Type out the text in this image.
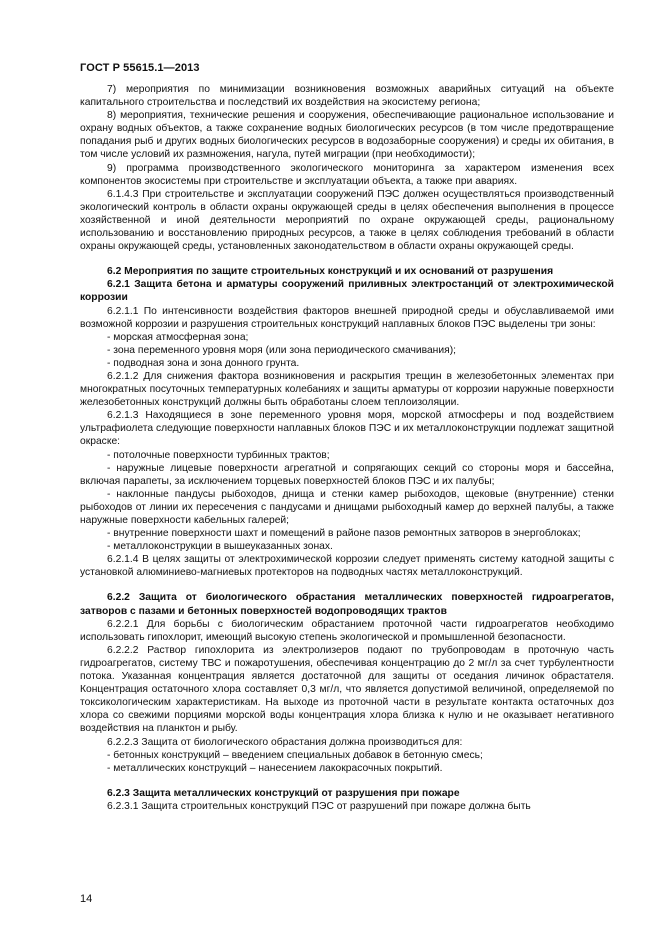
ГОСТ Р 55615.1—2013

7) мероприятия по минимизации возникновения возможных аварийных ситуаций на объекте капитального строительства и последствий их воздействия на экосистему региона;

8) мероприятия, технические решения и сооружения, обеспечивающие рациональное использование и охрану водных объектов, а также сохранение водных биологических ресурсов (в том числе предотвращение попадания рыб и других водных биологических ресурсов в водозаборные сооружения) и среды их обитания, в том числе условий их размножения, нагула, путей миграции (при необходимости);

9) программа производственного экологического мониторинга за характером изменения всех компонентов экосистемы при строительстве и эксплуатации объекта, а также при авариях.

6.1.4.3 При строительстве и эксплуатации сооружений ПЭС должен осуществляться производственный экологический контроль в области охраны окружающей среды в целях обеспечения выполнения в процессе хозяйственной и иной деятельности мероприятий по охране окружающей среды, рациональному использованию и восстановлению природных ресурсов, а также в целях соблюдения требований в области охраны окружающей среды, установленных законодательством в области охраны окружающей среды.

6.2 Мероприятия по защите строительных конструкций и их оснований от разрушения

6.2.1 Защита бетона и арматуры сооружений приливных электростанций от электрохимической коррозии

6.2.1.1 По интенсивности воздействия факторов внешней природной среды и обуславливаемой ими возможной коррозии и разрушения строительных конструкций наплавных блоков ПЭС выделены три зоны:

- морская атмосферная зона;

- зона переменного уровня моря (или зона периодического смачивания);

- подводная зона и зона донного грунта.

6.2.1.2 Для снижения фактора возникновения и раскрытия трещин в железобетонных элементах при многократных посуточных температурных колебаниях и защиты арматуры от коррозии наружные поверхности железобетонных конструкций должны быть обработаны слоем теплоизоляции.

6.2.1.3 Находящиеся в зоне переменного уровня моря, морской атмосферы и под воздействием ультрафиолета следующие поверхности наплавных блоков ПЭС и их металлоконструкции подлежат защитной окраске:

- потолочные поверхности турбинных трактов;

- наружные лицевые поверхности агрегатной и сопрягающих секций со стороны моря и бассейна, включая парапеты, за исключением торцевых поверхностей блоков ПЭС и их палубы;

- наклонные пандусы рыбоходов, днища и стенки камер рыбоходов, щековые (внутренние) стенки рыбоходов от линии их пересечения с пандусами и днищами рыбоходный камер до верхней палубы, а также наружные поверхности кабельных галерей;

- внутренние поверхности шахт и помещений в районе пазов ремонтных затворов в энергоблоках;

- металлоконструкции в вышеуказанных зонах.

6.2.1.4 В целях защиты от электрохимической коррозии следует применять систему катодной защиты с установкой алюминиево-магниевых протекторов на подводных частях металлоконструкций.

6.2.2 Защита от биологического обрастания металлических поверхностей гидроагрегатов, затворов с пазами и бетонных поверхностей водопроводящих трактов

6.2.2.1 Для борьбы с биологическим обрастанием проточной части гидроагрегатов необходимо использовать гипохлорит, имеющий высокую степень экологической и промышленной безопасности.

6.2.2.2 Раствор гипохлорита из электролизеров подают по трубопроводам в проточную часть гидроагрегатов, систему ТВС и пожаротушения, обеспечивая концентрацию до 2 мг/л за счет турбулентности потока. Указанная концентрация является достаточной для защиты от оседания личинок обрастателя. Концентрация остаточного хлора составляет 0,3 мг/л, что является допустимой величиной, определяемой по токсикологическим характеристикам. На выходе из проточной части в результате контакта остаточных доз хлора со свежими порциями морской воды концентрация хлора близка к нулю и не оказывает негативного воздействия на планктон и рыбу.

6.2.2.3 Защита от биологического обрастания должна производиться для:

- бетонных конструкций – введением специальных добавок в бетонную смесь;

- металлических конструкций – нанесением лакокрасочных покрытий.

6.2.3 Защита металлических конструкций от разрушения при пожаре

6.2.3.1 Защита строительных конструкций ПЭС от разрушений при пожаре должна быть

14
